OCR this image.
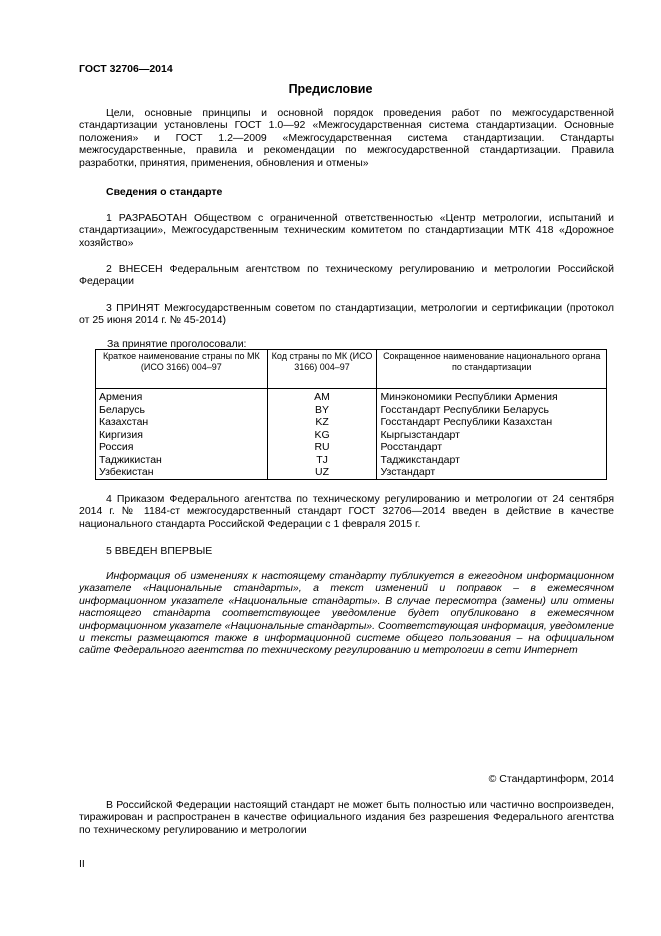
ГОСТ 32706—2014
Предисловие

Цели, основные принципы и основной порядок проведения работ по межгосударственной стандартизации установлены ГОСТ 1.0—92 «Межгосударственная система стандартизации. Основные положения» и ГОСТ 1.2—2009 «Межгосударственная система стандартизации. Стандарты межгосударственные, правила и рекомендации по межгосударственной стандартизации. Правила разработки, принятия, применения, обновления и отмены»

Сведения о стандарте

1 РАЗРАБОТАН Обществом с ограниченной ответственностью «Центр метрологии, испытаний и стандартизации», Межгосударственным техническим комитетом по стандартизации МТК 418 «Дорожное хозяйство»

2 ВНЕСЕН Федеральным агентством по техническому регулированию и метрологии Российской Федерации

3 ПРИНЯТ Межгосударственным советом по стандартизации, метрологии и сертификации (протокол от 25 июня 2014 г. № 45-2014)

За принятие проголосовали:
Краткое наименование страны по МК (ИСО 3166) 004–97	Код страны по МК (ИСО 3166) 004–97	Сокращенное наименование национального органа по стандартизации
Армения	AM	Минэкономики Республики Армения
Беларусь	BY	Госстандарт Республики Беларусь
Казахстан	KZ	Госстандарт Республики Казахстан
Киргизия	KG	Кыргызстандарт
Россия	RU	Росстандарт
Таджикистан	TJ	Таджикстандарт
Узбекистан	UZ	Узстандарт

4 Приказом Федерального агентства по техническому регулированию и метрологии от 24 сентября 2014 г. № 1184-ст межгосударственный стандарт ГОСТ 32706—2014 введен в действие в качестве национального стандарта Российской Федерации с 1 февраля 2015 г.

5 ВВЕДЕН ВПЕРВЫЕ

Информация об изменениях к настоящему стандарту публикуется в ежегодном информационном указателе «Национальные стандарты», а текст изменений и поправок – в ежемесячном информационном указателе «Национальные стандарты». В случае пересмотра (замены) или отмены настоящего стандарта соответствующее уведомление будет опубликовано в ежемесячном информационном указателе «Национальные стандарты». Соответствующая информация, уведомление и тексты размещаются также в информационной системе общего пользования – на официальном сайте Федерального агентства по техническому регулированию и метрологии в сети Интернет

© Стандартинформ, 2014

В Российской Федерации настоящий стандарт не может быть полностью или частично воспроизведен, тиражирован и распространен в качестве официального издания без разрешения Федерального агентства по техническому регулированию и метрологии

II
